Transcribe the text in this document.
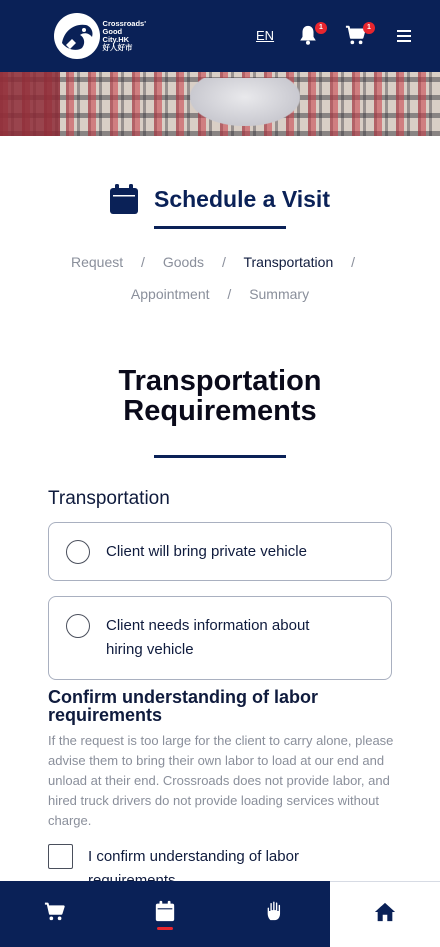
Crossroads'
Good
City.HK
好人好市
EN
1	1
Schedule a Visit
Request / Goods / Transportation /
Appointment / Summary
Transportation
Requirements
Transportation
Client will bring private vehicle
Client needs information about
hiring vehicle
Confirm understanding of labor requirements
If the request is too large for the client to carry alone, please advise them to bring their own labor to load at our end and unload at their end. Crossroads does not provide labor, and hired truck drivers do not provide loading services without charge.
I confirm understanding of labor
